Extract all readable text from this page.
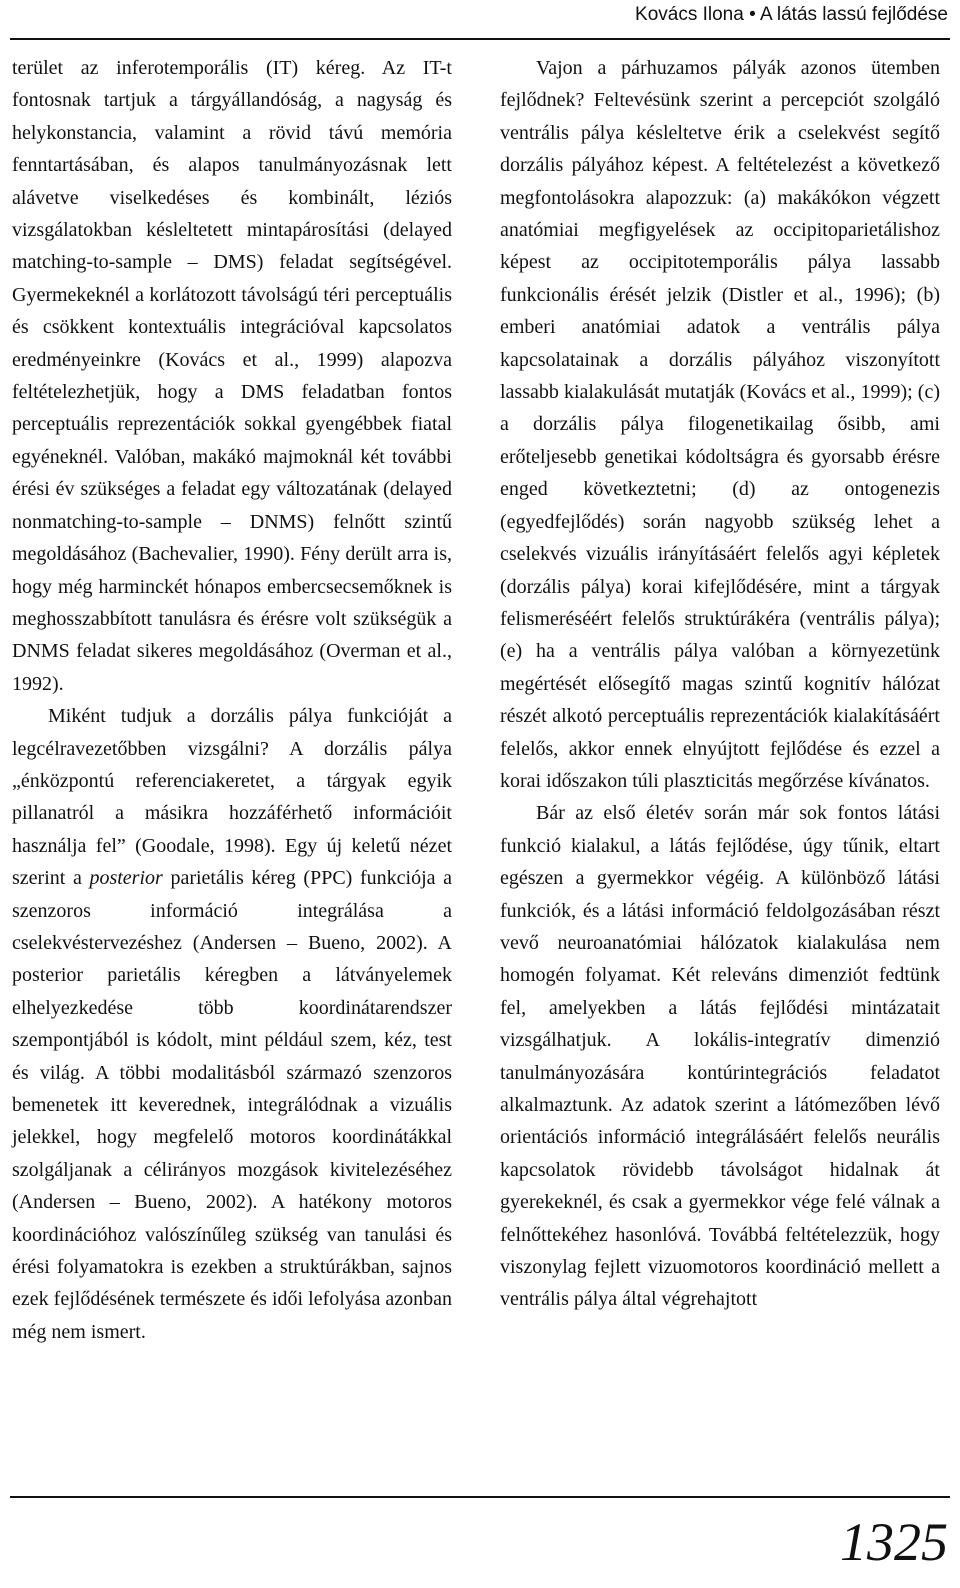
Kovács Ilona • A látás lassú fejlődése

terület az inferotemporális (IT) kéreg. Az IT-t fontosnak tartjuk a tárgyállandóság, a nagyság és helykonstancia, valamint a rövid távú memória fenntartásában, és alapos tanulmányozásnak lett alávetve viselkedéses és kombinált, léziós vizsgálatokban késleltetett mintapárosítási (delayed matching-to-sample – DMS) feladat segítségével. Gyermekeknél a korlátozott távolságú téri perceptuális és csökkent kontextuális integrációval kapcsolatos eredményeinkre (Kovács et al., 1999) alapozva feltételezhetjük, hogy a DMS feladatban fontos perceptuális reprezentációk sokkal gyengébbek fiatal egyéneknél. Valóban, makákó majmoknál két további érési év szükséges a feladat egy változatának (delayed nonmatching-to-sample – DNMS) felnőtt szintű megoldásához (Bachevalier, 1990). Fény derült arra is, hogy még harminckét hónapos embercsecsemőknek is meghosszabbított tanulásra és érésre volt szükségük a DNMS feladat sikeres megoldásához (Overman et al., 1992).

Miként tudjuk a dorzális pálya funkcióját a legcélravezetőbben vizsgálni? A dorzális pálya „énközpontú referenciakeretet, a tárgyak egyik pillanatról a másikra hozzáférhető információit használja fel” (Goodale, 1998). Egy új keletű nézet szerint a posterior parietális kéreg (PPC) funkciója a szenzoros információ integrálása a cselekvéstervezéshez (Andersen – Bueno, 2002). A posterior parietális kéregben a látványelemek elhelyezkedése több koordinátarendszer szempontjából is kódolt, mint például szem, kéz, test és világ. A többi modalitásból származó szenzoros bemenetek itt keverednek, integrálódnak a vizuális jelekkel, hogy megfelelő motoros koordinátákkal szolgáljanak a célirányos mozgások kivitelezéséhez (Andersen – Bueno, 2002). A hatékony motoros koordinációhoz valószínűleg szükség van tanulási és érési folyamatokra is ezekben a struktúrákban, sajnos ezek fejlődésének természete és idői lefolyása azonban még nem ismert.

Vajon a párhuzamos pályák azonos ütemben fejlődnek? Feltevésünk szerint a percepciót szolgáló ventrális pálya késleltetve érik a cselekvést segítő dorzális pályához képest. A feltételezést a következő megfontolásokra alapozzuk: (a) makákókon végzett anatómiai megfigyelések az occipitoparietálishoz képest az occipitotemporális pálya lassabb funkcionális érését jelzik (Distler et al., 1996); (b) emberi anatómiai adatok a ventrális pálya kapcsolatainak a dorzális pályához viszonyított lassabb kialakulását mutatják (Kovács et al., 1999); (c) a dorzális pálya filogenetikailag ősibb, ami erőteljesebb genetikai kódoltságra és gyorsabb érésre enged következtetni; (d) az ontogenezis (egyedfejlődés) során nagyobb szükség lehet a cselekvés vizuális irányításáért felelős agyi képletek (dorzális pálya) korai kifejlődésére, mint a tárgyak felismeréséért felelős struktúrákéra (ventrális pálya); (e) ha a ventrális pálya valóban a környezetünk megértését elősegítő magas szintű kognitív hálózat részét alkotó perceptuális reprezentációk kialakításáért felelős, akkor ennek elnyújtott fejlődése és ezzel a korai időszakon túli plaszticitás megőrzése kívánatos.

Bár az első életév során már sok fontos látási funkció kialakul, a látás fejlődése, úgy tűnik, eltart egészen a gyermekkor végéig. A különböző látási funkciók, és a látási információ feldolgozásában részt vevő neuroanatómiai hálózatok kialakulása nem homogén folyamat. Két releváns dimenziót fedtünk fel, amelyekben a látás fejlődési mintázatait vizsgálhatjuk. A lokális-integratív dimenzió tanulmányozására kontúrintegrációs feladatot alkalmaztunk. Az adatok szerint a látómezőben lévő orientációs információ integrálásáért felelős neurális kapcsolatok rövidebb távolságot hidalnak át gyerekeknél, és csak a gyermekkor vége felé válnak a felnőttekéhez hasonlóvá. Továbbá feltételezzük, hogy viszonylag fejlett vizuomotoros koordináció mellett a ventrális pálya által végrehajtott

1325
